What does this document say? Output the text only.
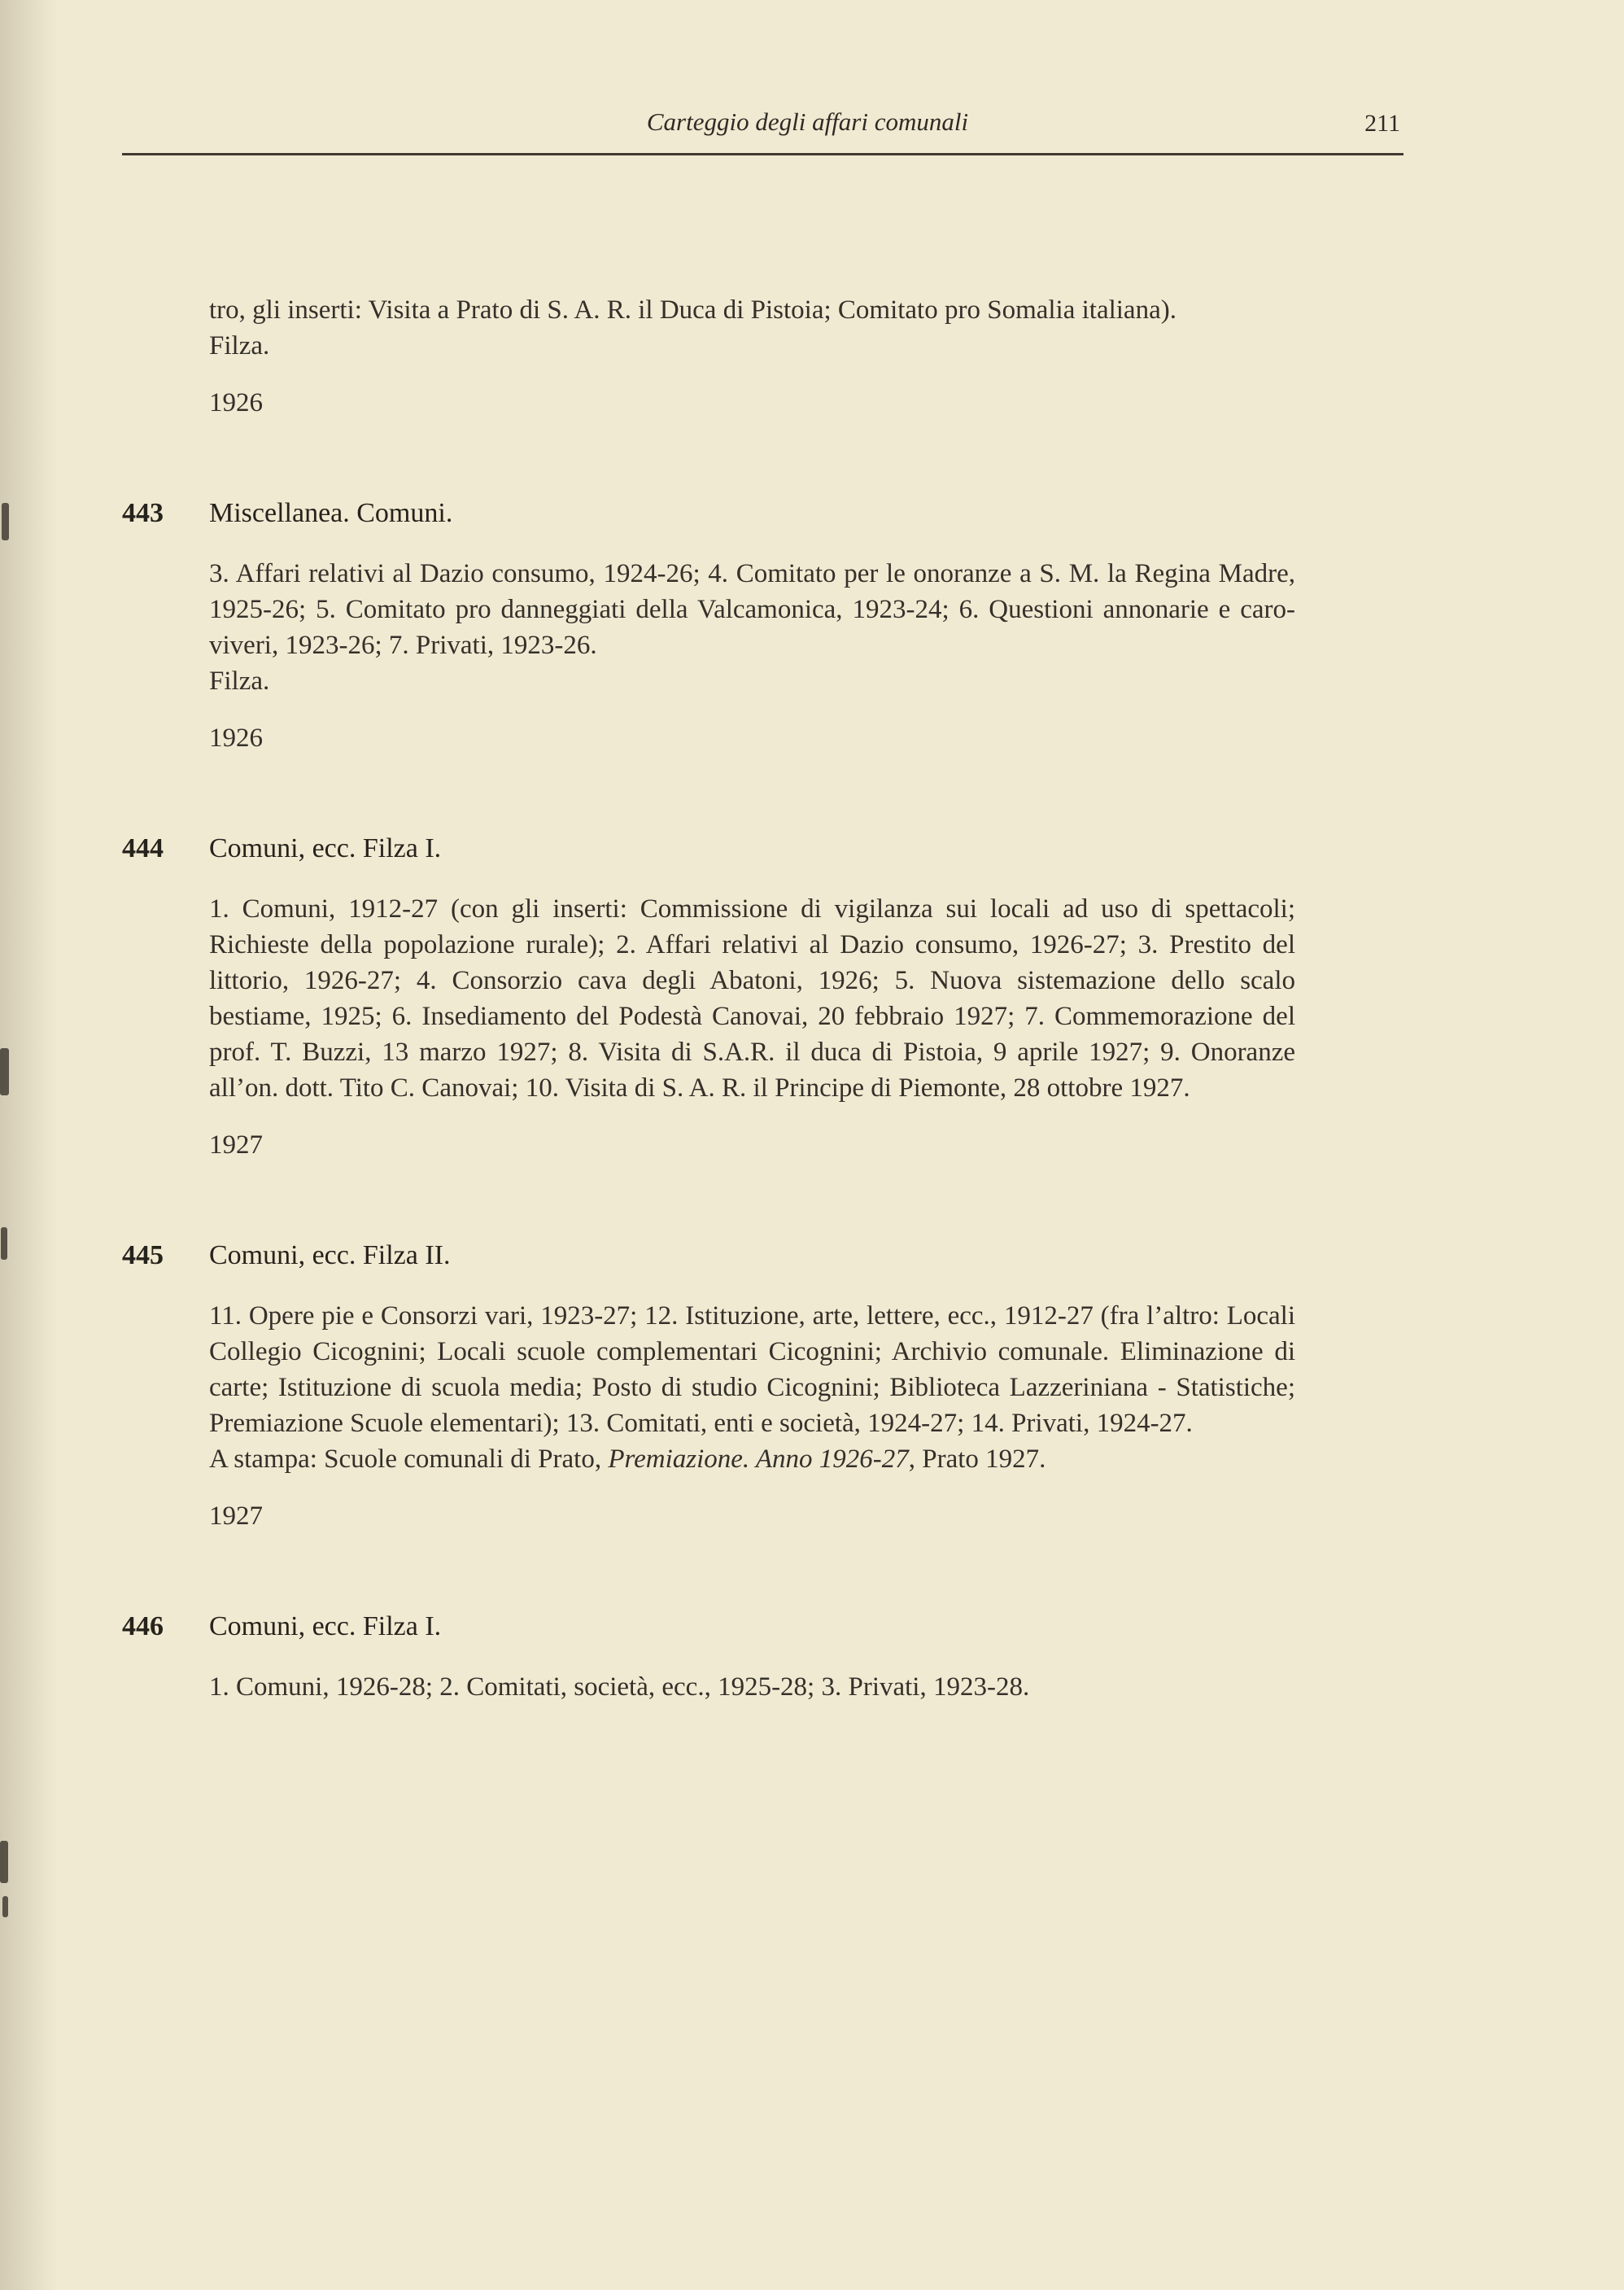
Carteggio degli affari comunali	211

tro, gli inserti: Visita a Prato di S. A. R. il Duca di Pistoia; Comitato pro Somalia italiana).

Filza.

1926

443	Miscellanea. Comuni.

3. Affari relativi al Dazio consumo, 1924-26; 4. Comitato per le onoranze a S. M. la Regina Madre, 1925-26; 5. Comitato pro danneggiati della Valcamonica, 1923-24; 6. Questioni annonarie e caro-viveri, 1923-26; 7. Privati, 1923-26.

Filza.

1926

444	Comuni, ecc. Filza I.

1. Comuni, 1912-27 (con gli inserti: Commissione di vigilanza sui locali ad uso di spettacoli; Richieste della popolazione rurale); 2. Affari relativi al Dazio consumo, 1926-27; 3. Prestito del littorio, 1926-27; 4. Consorzio cava degli Abatoni, 1926; 5. Nuova sistemazione dello scalo bestiame, 1925; 6. Insediamento del Podestà Canovai, 20 febbraio 1927; 7. Commemorazione del prof. T. Buzzi, 13 marzo 1927; 8. Visita di S.A.R. il duca di Pistoia, 9 aprile 1927; 9. Onoranze all’on. dott. Tito C. Canovai; 10. Visita di S. A. R. il Principe di Piemonte, 28 ottobre 1927.

1927

445	Comuni, ecc. Filza II.

11. Opere pie e Consorzi vari, 1923-27; 12. Istituzione, arte, lettere, ecc., 1912-27 (fra l’altro: Locali Collegio Cicognini; Locali scuole complementari Cicognini; Archivio comunale. Eliminazione di carte; Istituzione di scuola media; Posto di studio Cicognini; Biblioteca Lazzeriniana - Statistiche; Premiazione Scuole elementari); 13. Comitati, enti e società, 1924-27; 14. Privati, 1924-27.

A stampa: Scuole comunali di Prato, Premiazione. Anno 1926-27, Prato 1927.

1927

446	Comuni, ecc. Filza I.

1. Comuni, 1926-28; 2. Comitati, società, ecc., 1925-28; 3. Privati, 1923-28.
